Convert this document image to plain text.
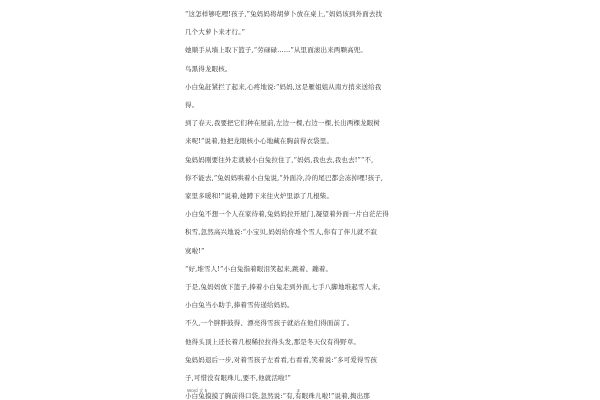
“这怎样够吃哩!孩子,”兔妈妈将胡萝卜放在桌上,“妈妈该到外面去找

几个大萝卜来才行。”

她顺手从墙上取下篮子,“劳碌碌……”从里面滚出来两颗高兜。

鸟黑得龙眼核。

小白兔赶紧拦了起来,心疼地说:“妈妈,这是雁姐姐从南方捎来送给我

得。

到了春天,我要把它们种在屋前,左边一棵,右边一棵,长出两棵龙眼树

来呢!”说着,他把龙眼核小心地藏在胸前得衣袋里。

兔妈妈刚要往外走就被小白兔拉住了,“妈妈,我也去,我也去!”“不,

你不能去,”兔妈妈哄着小白兔说,“外面冷,冷的尾巴都会冻掉哩!孩子,

家里多暖和!”说着,她蹲下来往火炉里添了几根柴。

小白兔不想一个人在家待着,兔妈妈拉开屋门,凝望着外面一片白茫茫得

积雪,忽然高兴地说:“小宝贝,妈妈给你堆个雪人,你有了伴儿就不寂

寞啦!”

“好,堆雪人!”小白兔指着眼泪笑起来,跳着、蹦着。

于是,兔妈妈放下篮子,捧着小白兔走到外面,七手八脚地堆起雪人来。

小白兔当小助手,捧着雪传递给妈妈。

不久,一个胖胖鼓得、漂亮得雪孩子就站在他们得面前了。

他得头顶上还长着几根稀拉拉得头发,那是冬天仅有得野草。

兔妈妈退后一步,对着雪孩子左看看,右看看,笑着说:“多可爱得雪孩

子,可惜没有眼珠儿,要不,他就活啦!”

小白兔摸摸了胸前得口袋,忽然说:“有,有眼珠儿啦!”说着,掏出那

Word 文 5	3
